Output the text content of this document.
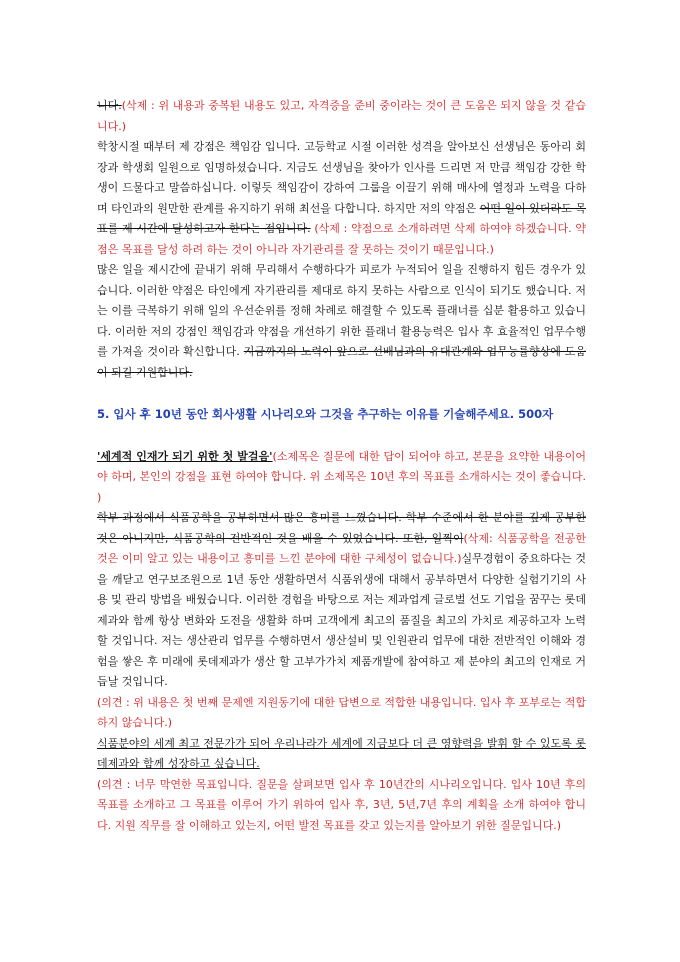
니다.(삭제 : 위 내용과 중복된 내용도 있고, 자격증을 준비 중이라는 것이 큰 도움은 되지 않을 것 같습니다.)

학창시절 때부터 제 강점은 책임감 입니다. 고등학교 시절 이러한 성격을 알아보신 선생님은 동아리 회장과 학생회 일원으로 임명하셨습니다. 지금도 선생님을 찾아가 인사를 드리면 저 만큼 책임감 강한 학생이 드물다고 말씀하십니다. 이렇듯 책임감이 강하여 그룹을 이끌기 위해 매사에 열정과 노력을 다하며 타인과의 원만한 관계를 유지하기 위해 최선을 다합니다. 하지만 저의 약점은 어떤 일이 있더라도 목표를 제 시간에 달성하고자 한다는 점입니다. (삭제 : 약점으로 소개하려면 삭제 하여야 하겠습니다. 약점은 목표를 달성 하려 하는 것이 아니라 자기관리를 잘 못하는 것이기 때문입니다.)

많은 일을 제시간에 끝내기 위해 무리해서 수행하다가 피로가 누적되어 일을 진행하지 힘든 경우가 있습니다. 이러한 약점은 타인에게 자기관리를 제대로 하지 못하는 사람으로 인식이 되기도 했습니다. 저는 이를 극복하기 위해 일의 우선순위를 정해 차례로 해결할 수 있도록 플래너를 십분 활용하고 있습니다. 이러한 저의 강점인 책임감과 약점을 개선하기 위한 플래너 활용능력은 입사 후 효율적인 업무수행를 가져올 것이라 확신합니다. 지금까지의 노력이 앞으로 선배님과의 유대관계와 업무능률향상에 도움이 되길 기원합니다.

5. 입사 후 10년 동안 회사생활 시나리오와 그것을 추구하는 이유를 기술해주세요. 500자

'세계적 인재가 되기 위한 첫 발걸음'(소제목은 질문에 대한 답이 되어야 하고, 본문을 요약한 내용이어야 하며, 본인의 강점을 표현 하여야 합니다. 위 소제목은 10년 후의 목표를 소개하시는 것이 좋습니다. )

학부 과정에서 식품공학을 공부하면서 많은 흥미를 느꼈습니다. 학부 수준에서 한 분야를 깊게 공부한 것은 아니지만, 식품공학의 전반적인 것을 배울 수 있었습니다. 또한, 일찍이(삭제: 식품공학을 전공한 것은 이미 알고 있는 내용이고 흥미를 느낀 분야에 대한 구체성이 없습니다.)실무경험이 중요하다는 것을 깨닫고 연구보조원으로 1년 동안 생활하면서 식품위생에 대해서 공부하면서 다양한 실험기기의 사용 및 관리 방법을 배웠습니다. 이러한 경험을 바탕으로 저는 제과업계 글로벌 선도 기업을 꿈꾸는 롯데제과와 함께 항상 변화와 도전을 생활화 하며 고객에게 최고의 품질을 최고의 가치로 제공하고자 노력할 것입니다. 저는 생산관리 업무를 수행하면서 생산설비 및 인원관리 업무에 대한 전반적인 이해와 경험을 쌓은 후 미래에 롯데제과가 생산 할 고부가가치 제품개발에 참여하고 제 분야의 최고의 인재로 거듭날 것입니다.

(의견 : 위 내용은 첫 번째 문제엔 지원동기에 대한 답변으로 적합한 내용입니다. 입사 후 포부로는 적합하지 않습니다.)

식품분야의 세계 최고 전문가가 되어 우리나라가 세계에 지금보다 더 큰 영향력을 발휘 할 수 있도록 롯데제과와 함께 성장하고 싶습니다.

(의견 : 너무 막연한 목표입니다. 질문을 살펴보면 입사 후 10년간의 시나리오입니다. 입사 10년 후의 목표를 소개하고 그 목표를 이루어 가기 위하여 입사 후, 3년, 5년,7년 후의 계획을 소개 하여야 합니다. 지원 직무를 잘 이해하고 있는지, 어떤 발전 목표를 갖고 있는지를 알아보기 위한 질문입니다.)
